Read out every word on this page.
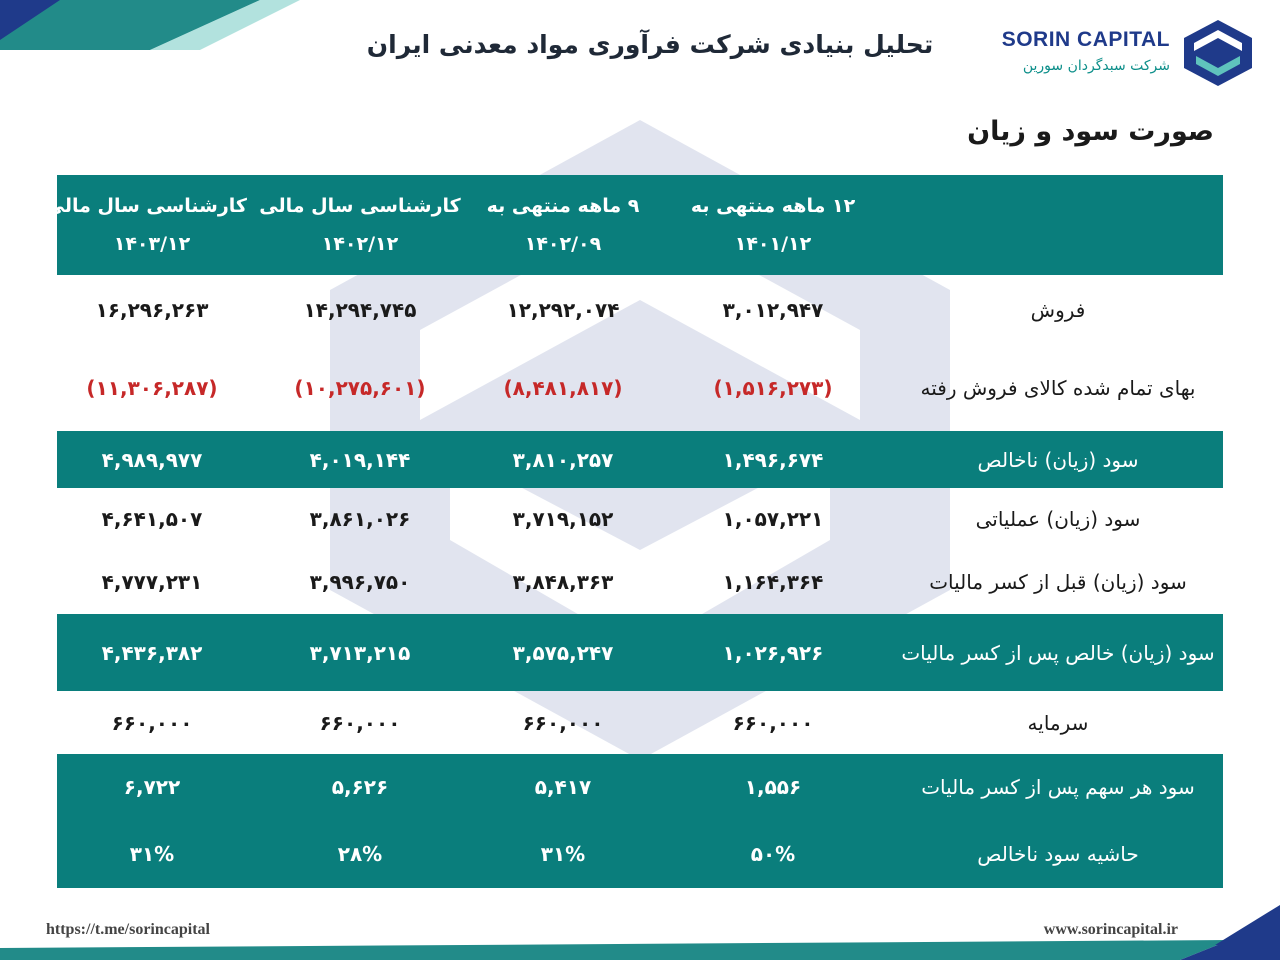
تحلیل بنیادی شرکت فرآوری مواد معدنی ایران	SORIN CAPITAL
شرکت سبدگردان سورین
صورت سود و زیان
۱۲ ماهه منتهی به
۱۴۰۱/۱۲
۹ ماهه منتهی به
۱۴۰۲/۰۹
کارشناسی سال مالی
۱۴۰۲/۱۲
کارشناسی سال مالی
۱۴۰۳/۱۲
فروش
۳,۰۱۲,۹۴۷
۱۲,۲۹۲,۰۷۴
۱۴,۲۹۴,۷۴۵
۱۶,۲۹۶,۲۶۳
بهای تمام شده کالای فروش رفته
(۱,۵۱۶,۲۷۳)
(۸,۴۸۱,۸۱۷)
(۱۰,۲۷۵,۶۰۱)
(۱۱,۳۰۶,۲۸۷)
سود (زیان) ناخالص
۱,۴۹۶,۶۷۴
۳,۸۱۰,۲۵۷
۴,۰۱۹,۱۴۴
۴,۹۸۹,۹۷۷
سود (زیان) عملیاتی
۱,۰۵۷,۲۲۱
۳,۷۱۹,۱۵۲
۳,۸۶۱,۰۲۶
۴,۶۴۱,۵۰۷
سود (زیان) قبل از کسر مالیات
۱,۱۶۴,۳۶۴
۳,۸۴۸,۳۶۳
۳,۹۹۶,۷۵۰
۴,۷۷۷,۲۳۱
سود (زیان) خالص پس از کسر مالیات
۱,۰۲۶,۹۲۶
۳,۵۷۵,۲۴۷
۳,۷۱۳,۲۱۵
۴,۴۳۶,۳۸۲
سرمایه
۶۶۰,۰۰۰
۶۶۰,۰۰۰
۶۶۰,۰۰۰
۶۶۰,۰۰۰
سود هر سهم پس از کسر مالیات
۱,۵۵۶
۵,۴۱۷
۵,۶۲۶
۶,۷۲۲
حاشیه سود ناخالص
۵۰%
۳۱%
۲۸%
۳۱%
https://t.me/sorincapital	www.sorincapital.ir
